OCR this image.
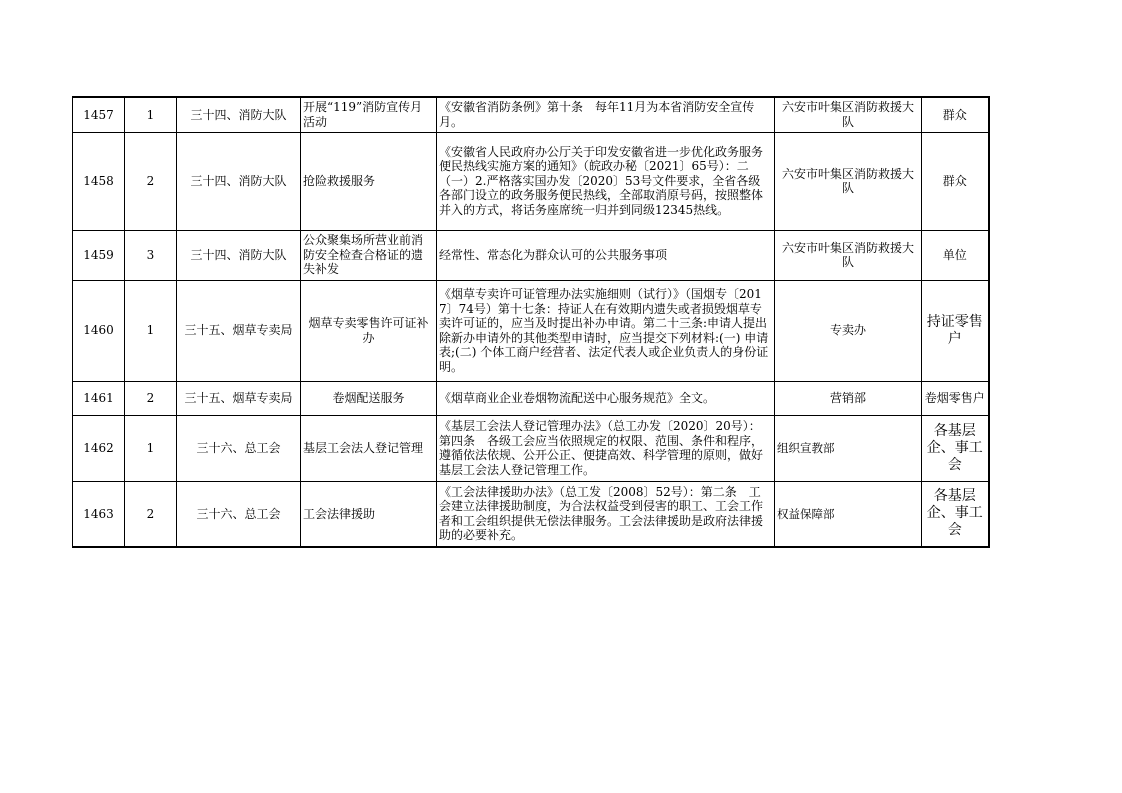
1457	1	三十四、消防大队	开展“119”消防宣传月活动	《安徽省消防条例》第十条　每年11月为本省消防安全宣传月。	六安市叶集区消防救援大队	群众
1458	2	三十四、消防大队	抢险救援服务	《安徽省人民政府办公厅关于印发安徽省进一步优化政务服务便民热线实施方案的通知》（皖政办秘〔2021〕65号）：二（一）2.严格落实国办发〔2020〕53号文件要求，全省各级各部门设立的政务服务便民热线，全部取消原号码，按照整体并入的方式，将话务座席统一归并到同级12345热线。	六安市叶集区消防救援大队	群众
1459	3	三十四、消防大队	公众聚集场所营业前消防安全检查合格证的遗失补发	经常性、常态化为群众认可的公共服务事项	六安市叶集区消防救援大队	单位
1460	1	三十五、烟草专卖局	烟草专卖零售许可证补办	《烟草专卖许可证管理办法实施细则（试行）》（国烟专〔2017〕74号）第十七条：持证人在有效期内遗失或者损毁烟草专卖许可证的，应当及时提出补办申请。第二十三条:申请人提出除新办申请外的其他类型申请时，应当提交下列材料:(一) 申请表;(二) 个体工商户经营者、法定代表人或企业负责人的身份证明。	专卖办	持证零售户
1461	2	三十五、烟草专卖局	卷烟配送服务	《烟草商业企业卷烟物流配送中心服务规范》全文。	营销部	卷烟零售户
1462	1	三十六、总工会	基层工会法人登记管理	《基层工会法人登记管理办法》（总工办发〔2020〕20号）：第四条　各级工会应当依照规定的权限、范围、条件和程序，遵循依法依规、公开公正、便捷高效、科学管理的原则，做好基层工会法人登记管理工作。	组织宣教部	各基层企、事工会
1463	2	三十六、总工会	工会法律援助	《工会法律援助办法》（总工发〔2008〕52号）：第二条　工会建立法律援助制度，为合法权益受到侵害的职工、工会工作者和工会组织提供无偿法律服务。工会法律援助是政府法律援助的必要补充。	权益保障部	各基层企、事工会
